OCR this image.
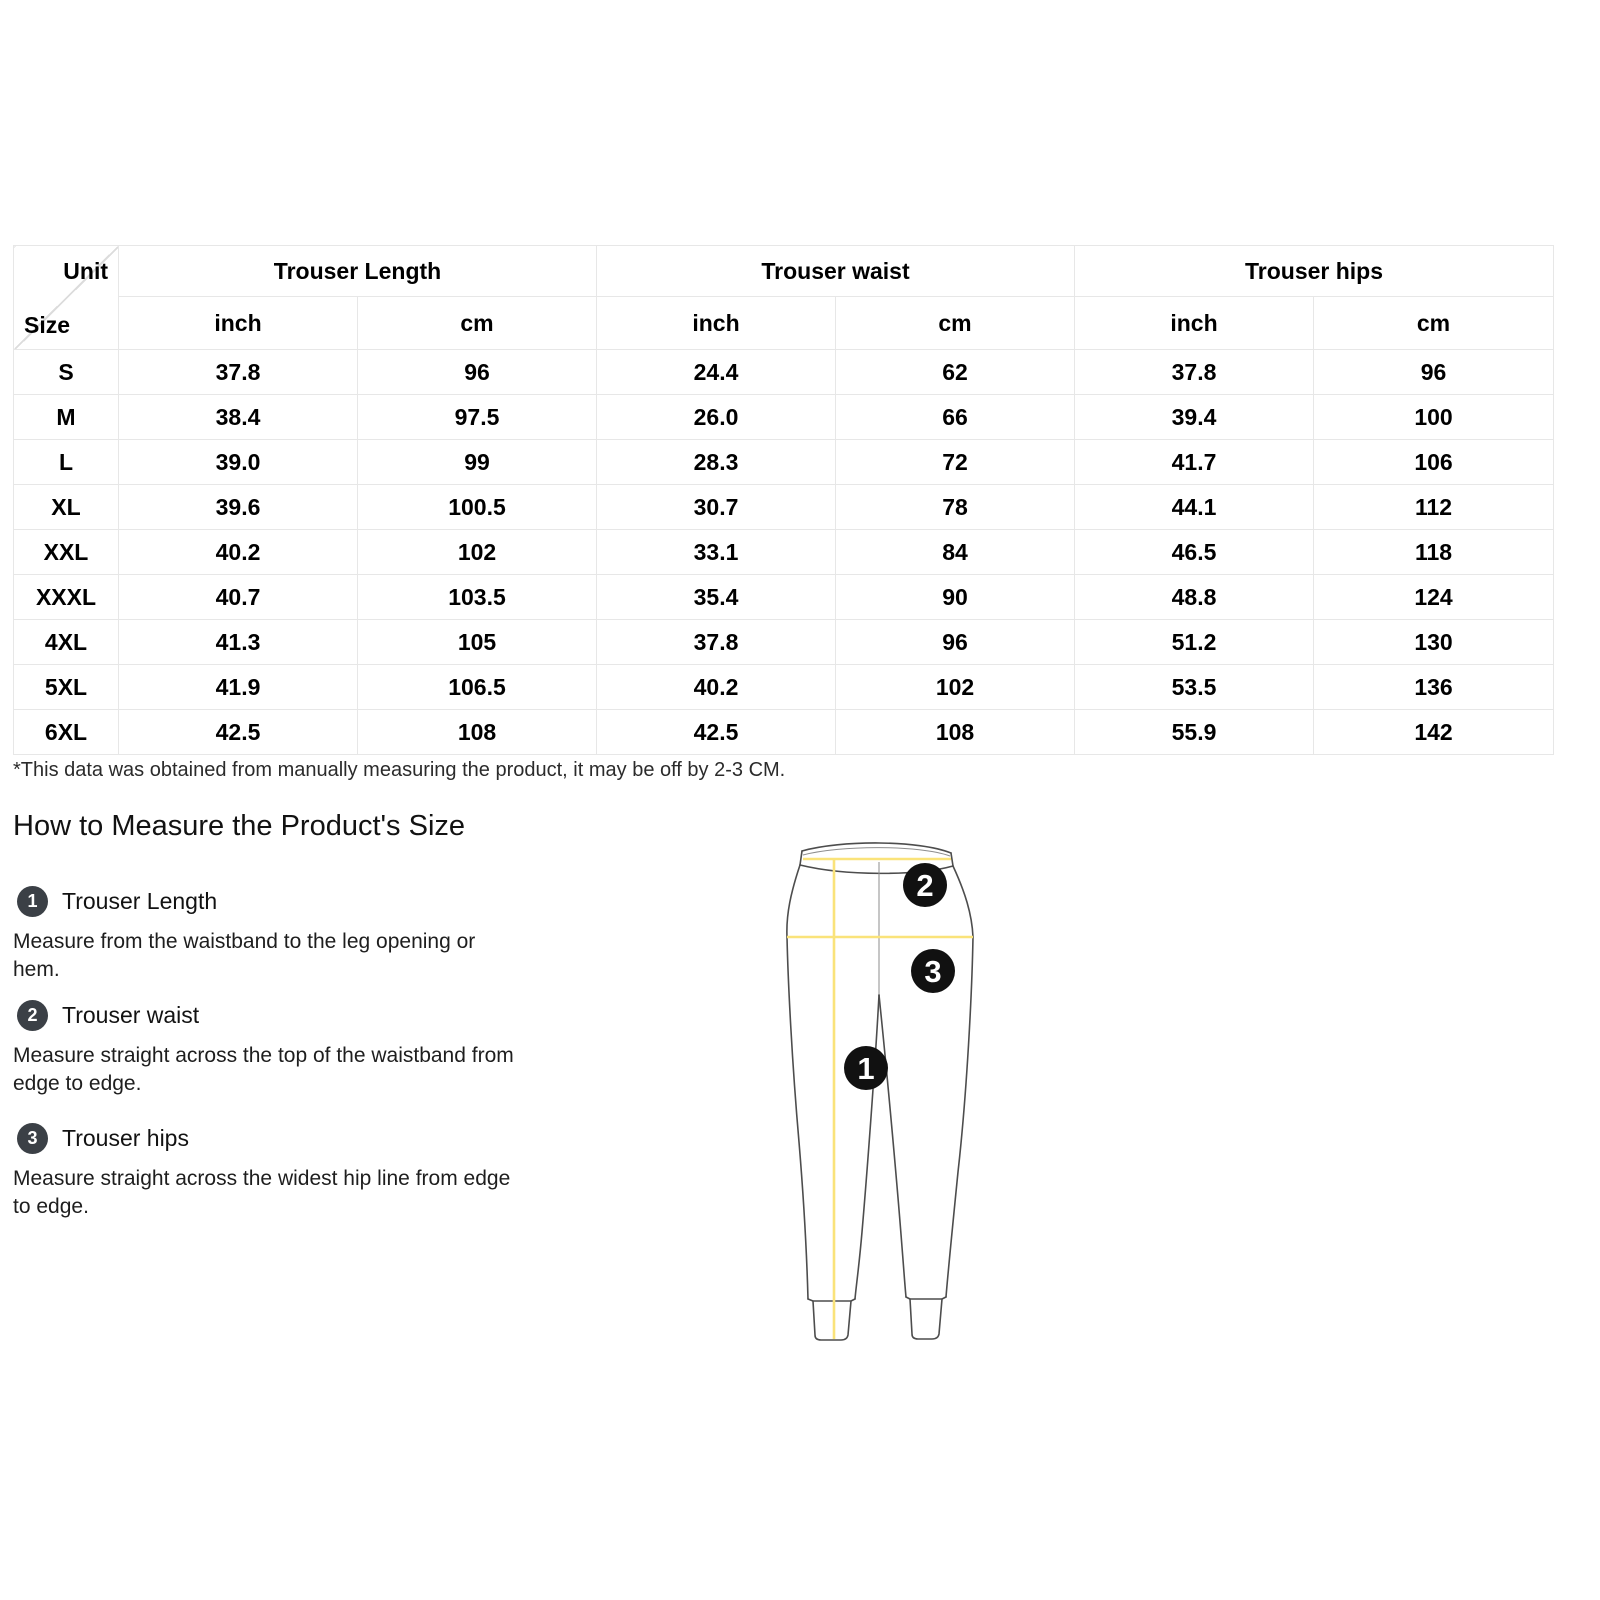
Unit
Size	Trouser Length		Trouser waist		Trouser hips	
	inch	cm	inch	cm	inch	cm
S	37.8	96	24.4	62	37.8	96
M	38.4	97.5	26.0	66	39.4	100
L	39.0	99	28.3	72	41.7	106
XL	39.6	100.5	30.7	78	44.1	112
XXL	40.2	102	33.1	84	46.5	118
XXXL	40.7	103.5	35.4	90	48.8	124
4XL	41.3	105	37.8	96	51.2	130
5XL	41.9	106.5	40.2	102	53.5	136
6XL	42.5	108	42.5	108	55.9	142
*This data was obtained from manually measuring the product, it may be off by 2-3 CM.
How to Measure the Product's Size
1	Trouser Length
Measure from the waistband to the leg opening or
hem.
2	Trouser waist
Measure straight across the top of the waistband from
edge to edge.
3	Trouser hips
Measure straight across the widest hip line from edge
to edge.
2
3
1
